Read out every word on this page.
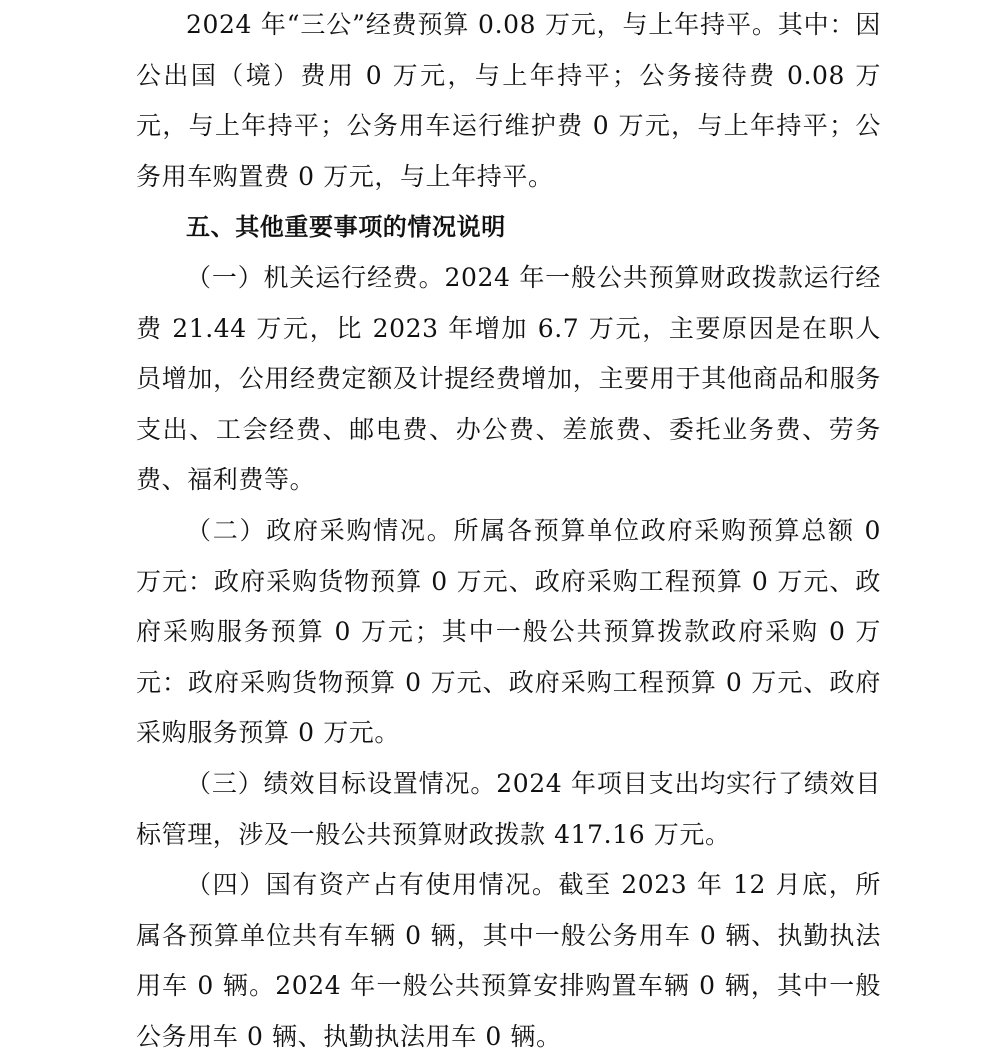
2024 年“三公”经费预算 0.08 万元，与上年持平。其中：因公出国（境）费用 0 万元，与上年持平；公务接待费 0.08 万元，与上年持平；公务用车运行维护费 0 万元，与上年持平；公务用车购置费 0 万元，与上年持平。

五、其他重要事项的情况说明

（一）机关运行经费。2024 年一般公共预算财政拨款运行经费 21.44 万元，比 2023 年增加 6.7 万元，主要原因是在职人员增加，公用经费定额及计提经费增加，主要用于其他商品和服务支出、工会经费、邮电费、办公费、差旅费、委托业务费、劳务费、福利费等。

（二）政府采购情况。所属各预算单位政府采购预算总额 0 万元：政府采购货物预算 0 万元、政府采购工程预算 0 万元、政府采购服务预算 0 万元；其中一般公共预算拨款政府采购 0 万元：政府采购货物预算 0 万元、政府采购工程预算 0 万元、政府采购服务预算 0 万元。

（三）绩效目标设置情况。2024 年项目支出均实行了绩效目标管理，涉及一般公共预算财政拨款 417.16 万元。

（四）国有资产占有使用情况。截至 2023 年 12 月底，所属各预算单位共有车辆 0 辆，其中一般公务用车 0 辆、执勤执法用车 0 辆。2024 年一般公共预算安排购置车辆 0 辆，其中一般公务用车 0 辆、执勤执法用车 0 辆。
